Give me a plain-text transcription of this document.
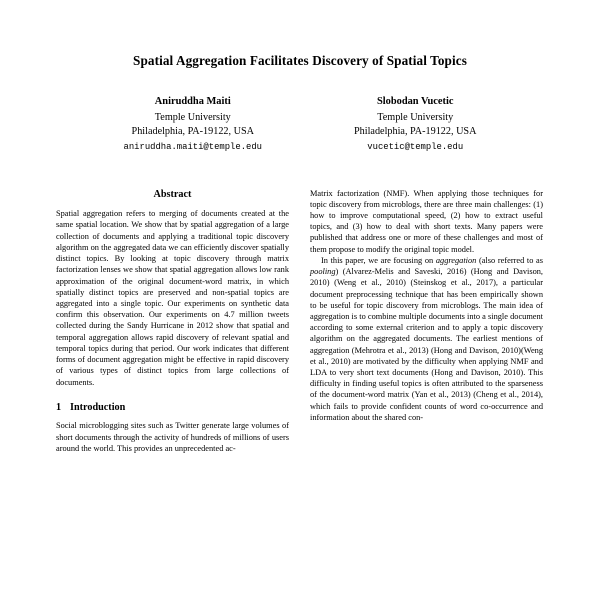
Spatial Aggregation Facilitates Discovery of Spatial Topics
Aniruddha Maiti
Temple University
Philadelphia, PA-19122, USA
aniruddha.maiti@temple.edu
Slobodan Vucetic
Temple University
Philadelphia, PA-19122, USA
vucetic@temple.edu
Abstract

Spatial aggregation refers to merging of documents created at the same spatial location. We show that by spatial aggregation of a large collection of documents and applying a traditional topic discovery algorithm on the aggregated data we can efficiently discover spatially distinct topics. By looking at topic discovery through matrix factorization lenses we show that spatial aggregation allows low rank approximation of the original document-word matrix, in which spatially distinct topics are preserved and non-spatial topics are aggregated into a single topic. Our experiments on synthetic data confirm this observation. Our experiments on 4.7 million tweets collected during the Sandy Hurricane in 2012 show that spatial and temporal aggregation allows rapid discovery of relevant spatial and temporal topics during that period. Our work indicates that different forms of document aggregation might be effective in rapid discovery of various types of distinct topics from large collections of documents.

1 Introduction

Social microblogging sites such as Twitter generate large volumes of short documents through the activity of hundreds of millions of users around the world. This provides an unprecedented ac-

Matrix factorization (NMF). When applying those techniques for topic discovery from microblogs, there are three main challenges: (1) how to improve computational speed, (2) how to extract useful topics, and (3) how to deal with short texts. Many papers were published that address one or more of these challenges and most of them propose to modify the original topic model.

In this paper, we are focusing on aggregation (also referred to as pooling) (Alvarez-Melis and Saveski, 2016) (Hong and Davison, 2010) (Weng et al., 2010) (Steinskog et al., 2017), a particular document preprocessing technique that has been empirically shown to be useful for topic discovery from microblogs. The main idea of aggregation is to combine multiple documents into a single document according to some external criterion and to apply a topic discovery algorithm on the aggregated documents. The earliest mentions of aggregation (Mehrotra et al., 2013) (Hong and Davison, 2010)(Weng et al., 2010) are motivated by the difficulty when applying NMF and LDA to very short text documents (Hong and Davison, 2010). This difficulty in finding useful topics is often attributed to the sparseness of the document-word matrix (Yan et al., 2013) (Cheng et al., 2014), which fails to provide confident counts of word co-occurrence and information about the shared con-
